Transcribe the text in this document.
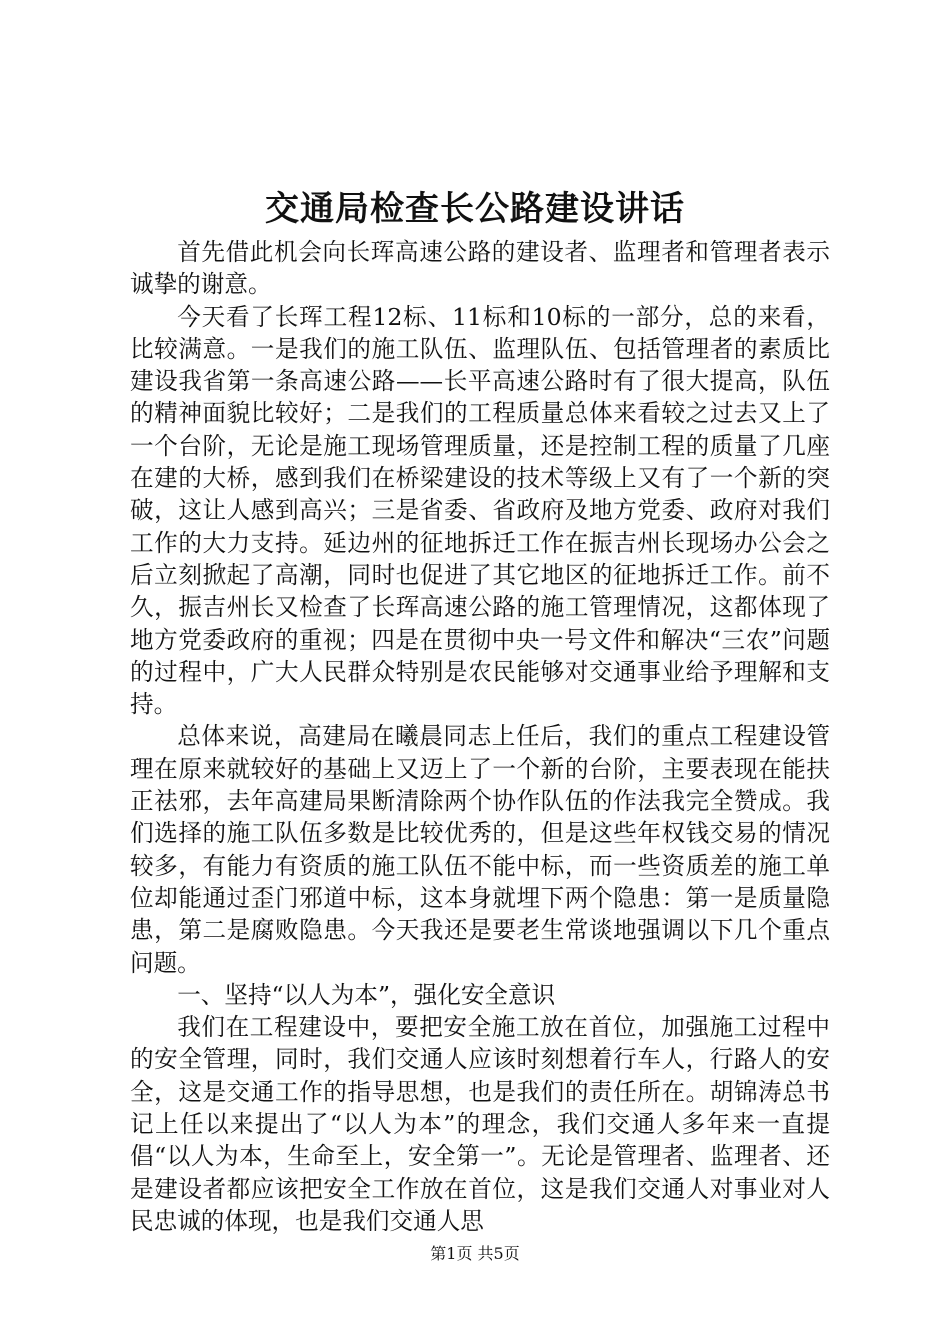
交通局检查长公路建设讲话

首先借此机会向长珲高速公路的建设者、监理者和管理者表示诚挚的谢意。

今天看了长珲工程12标、11标和10标的一部分，总的来看，比较满意。一是我们的施工队伍、监理队伍、包括管理者的素质比建设我省第一条高速公路——长平高速公路时有了很大提高，队伍的精神面貌比较好；二是我们的工程质量总体来看较之过去又上了一个台阶，无论是施工现场管理质量，还是控制工程的质量了几座在建的大桥，感到我们在桥梁建设的技术等级上又有了一个新的突破，这让人感到高兴；三是省委、省政府及地方党委、政府对我们工作的大力支持。延边州的征地拆迁工作在振吉州长现场办公会之后立刻掀起了高潮，同时也促进了其它地区的征地拆迁工作。前不久，振吉州长又检查了长珲高速公路的施工管理情况，这都体现了地方党委政府的重视；四是在贯彻中央一号文件和解决“三农”问题的过程中，广大人民群众特别是农民能够对交通事业给予理解和支持。

总体来说，高建局在曦晨同志上任后，我们的重点工程建设管理在原来就较好的基础上又迈上了一个新的台阶，主要表现在能扶正祛邪，去年高建局果断清除两个协作队伍的作法我完全赞成。我们选择的施工队伍多数是比较优秀的，但是这些年权钱交易的情况较多，有能力有资质的施工队伍不能中标，而一些资质差的施工单位却能通过歪门邪道中标，这本身就埋下两个隐患：第一是质量隐患，第二是腐败隐患。今天我还是要老生常谈地强调以下几个重点问题。

一、坚持“以人为本”，强化安全意识

我们在工程建设中，要把安全施工放在首位，加强施工过程中的安全管理，同时，我们交通人应该时刻想着行车人，行路人的安全，这是交通工作的指导思想，也是我们的责任所在。胡锦涛总书记上任以来提出了“以人为本”的理念，我们交通人多年来一直提倡“以人为本，生命至上，安全第一”。无论是管理者、监理者、还是建设者都应该把安全工作放在首位，这是我们交通人对事业对人民忠诚的体现，也是我们交通人思

第1页 共5页
